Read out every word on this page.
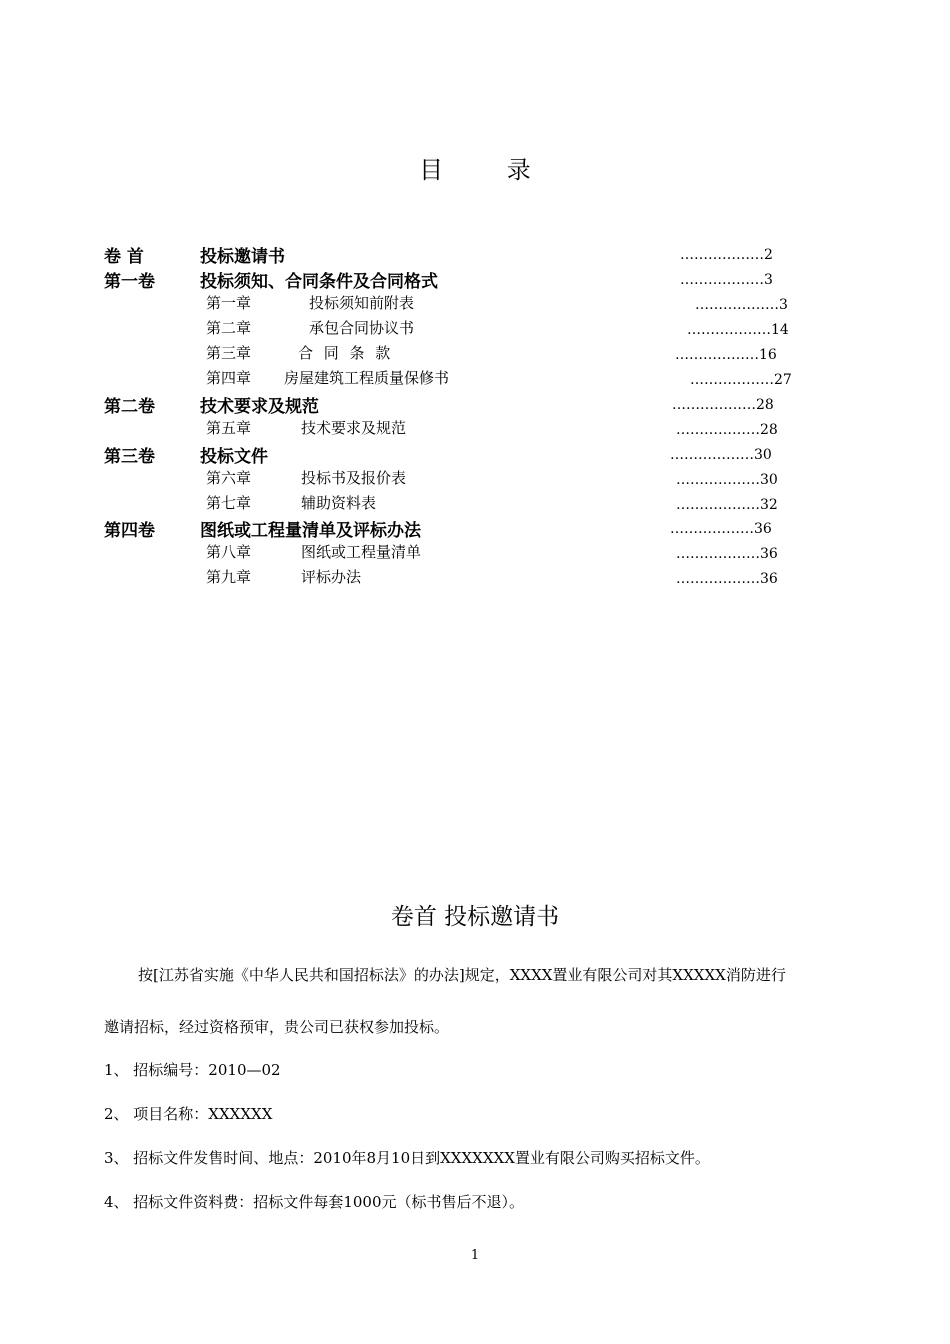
目 录
卷 首	投标邀请书	………………2
第一卷	投标须知、合同条件及合同格式	………………3
第一章	投标须知前附表	………………3
第二章	承包合同协议书	………………14
第三章	合 同 条 款	………………16
第四章 房屋建筑工程质量保修书	………………27
第二卷	技术要求及规范	………………28
第五章	技术要求及规范	………………28
第三卷	投标文件	………………30
第六章	投标书及报价表	………………30
第七章	辅助资料表	………………32
第四卷	图纸或工程量清单及评标办法	………………36
第八章	图纸或工程量清单	………………36
第九章	评标办法	………………36
卷首 投标邀请书
按[江苏省实施《中华人民共和国招标法》的办法]规定，XXXX置业有限公司对其XXXXX消防进行
邀请招标，经过资格预审，贵公司已获权参加投标。
1、 招标编号：2010—02
2、 项目名称：XXXXXX
3、 招标文件发售时间、地点：2010年8月10日到XXXXXXX置业有限公司购买招标文件。
4、 招标文件资料费：招标文件每套1000元（标书售后不退）。
1
